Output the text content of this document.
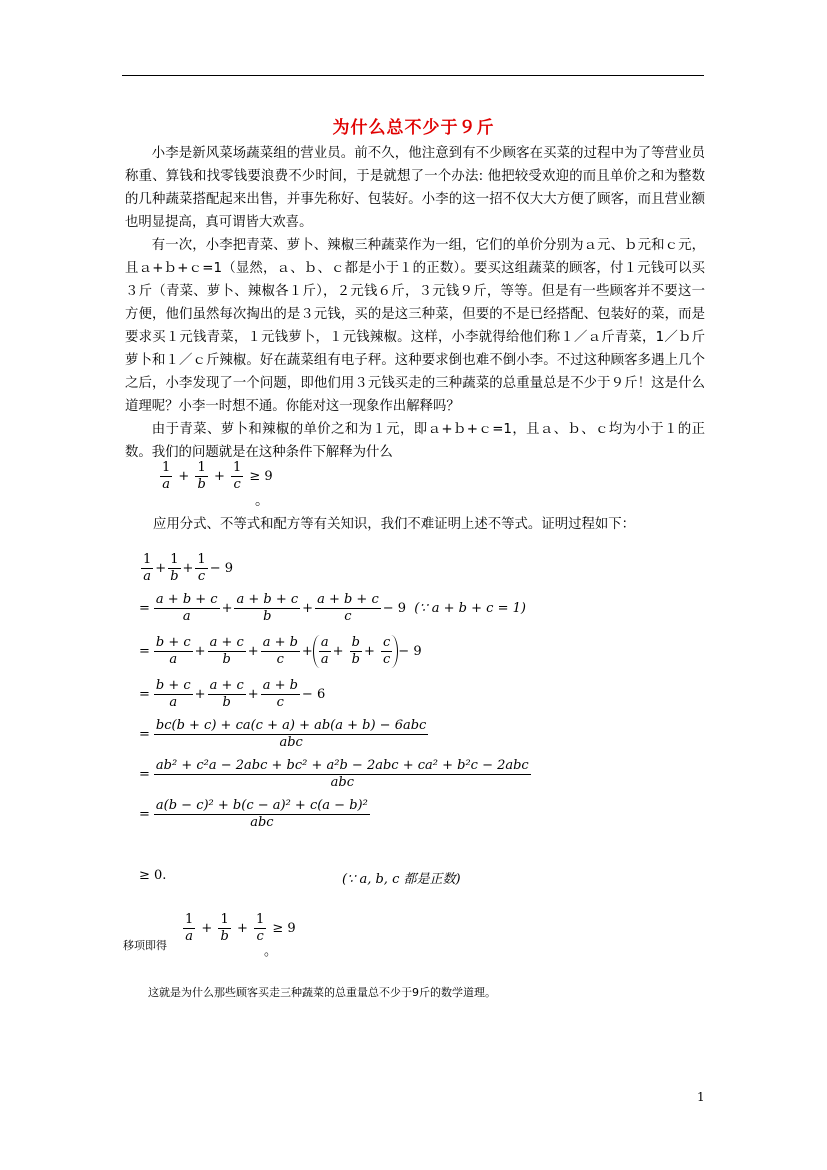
为什么总不少于９斤

小李是新风菜场蔬菜组的营业员。前不久，他注意到有不少顾客在买菜的过程中为了等营业员称重、算钱和找零钱要浪费不少时间，于是就想了一个办法: 他把较受欢迎的而且单价之和为整数的几种蔬菜搭配起来出售，并事先称好、包装好。小李的这一招不仅大大方便了顾客，而且营业额也明显提高，真可谓皆大欢喜。

有一次，小李把青菜、萝卜、辣椒三种蔬菜作为一组，它们的单价分别为ａ元、ｂ元和ｃ元，且ａ+ｂ+ｃ=1（显然，ａ、ｂ、ｃ都是小于１的正数）。要买这组蔬菜的顾客，付１元钱可以买３斤（青菜、萝卜、辣椒各１斤），２元钱６斤，３元钱９斤，等等。但是有一些顾客并不要这一方便，他们虽然每次掏出的是３元钱，买的是这三种菜，但要的不是已经搭配、包装好的菜，而是要求买１元钱青菜，１元钱萝卜，１元钱辣椒。这样，小李就得给他们称１／ａ斤青菜，1／ｂ斤萝卜和１／ｃ斤辣椒。好在蔬菜组有电子秤。这种要求倒也难不倒小李。不过这种顾客多遇上几个之后，小李发现了一个问题，即他们用３元钱买走的三种蔬菜的总重量总是不少于９斤！这是什么道理呢？小李一时想不通。你能对这一现象作出解释吗？

由于青菜、萝卜和辣椒的单价之和为１元，即ａ+ｂ+ｃ=1，且ａ、ｂ、ｃ均为小于１的正数。我们的问题就是在这种条件下解释为什么

$\frac{1}{a} + \frac{1}{b} + \frac{1}{c} \ge 9$
。
应用分式、不等式和配方等有关知识，我们不难证明上述不等式。证明过程如下：
$\frac{1}{a} + \frac{1}{b} + \frac{1}{c} - 9$
= $\frac{a + b + c}{a} + \frac{a + b + c}{b} + \frac{a + b + c}{c} - 9$
(∵ a + b + c = 1)
= $\frac{b + c}{a} + \frac{a + c}{b} + \frac{a + b}{c} + \frac{a}{a} + \frac{b}{b} + \frac{c}{c} - 9$
= $\frac{b + c}{a} + \frac{a + c}{b} + \frac{a + b}{c} - 6$
= $\frac{\text{bc(b + c) + ca(c + a) + ab(a + b) − 6abc}}{\text{abc}}$
= $\frac{\text{ab² + c²a − 2abc + bc² + a²b − 2abc + ca² + b²c − 2abc}}{\text{abc}}$
= $\frac{\text{a(b − c)² + b(c − a)² + c(a − b)²}}{\text{abc}}$
≥ 0.	(∵ a, b, c 都是正数)
$\frac{1}{a} + \frac{1}{b} + \frac{1}{c} \ge 9$
移项即得	。
这就是为什么那些顾客买走三种蔬菜的总重量总不少于9斤的数学道理。
1
